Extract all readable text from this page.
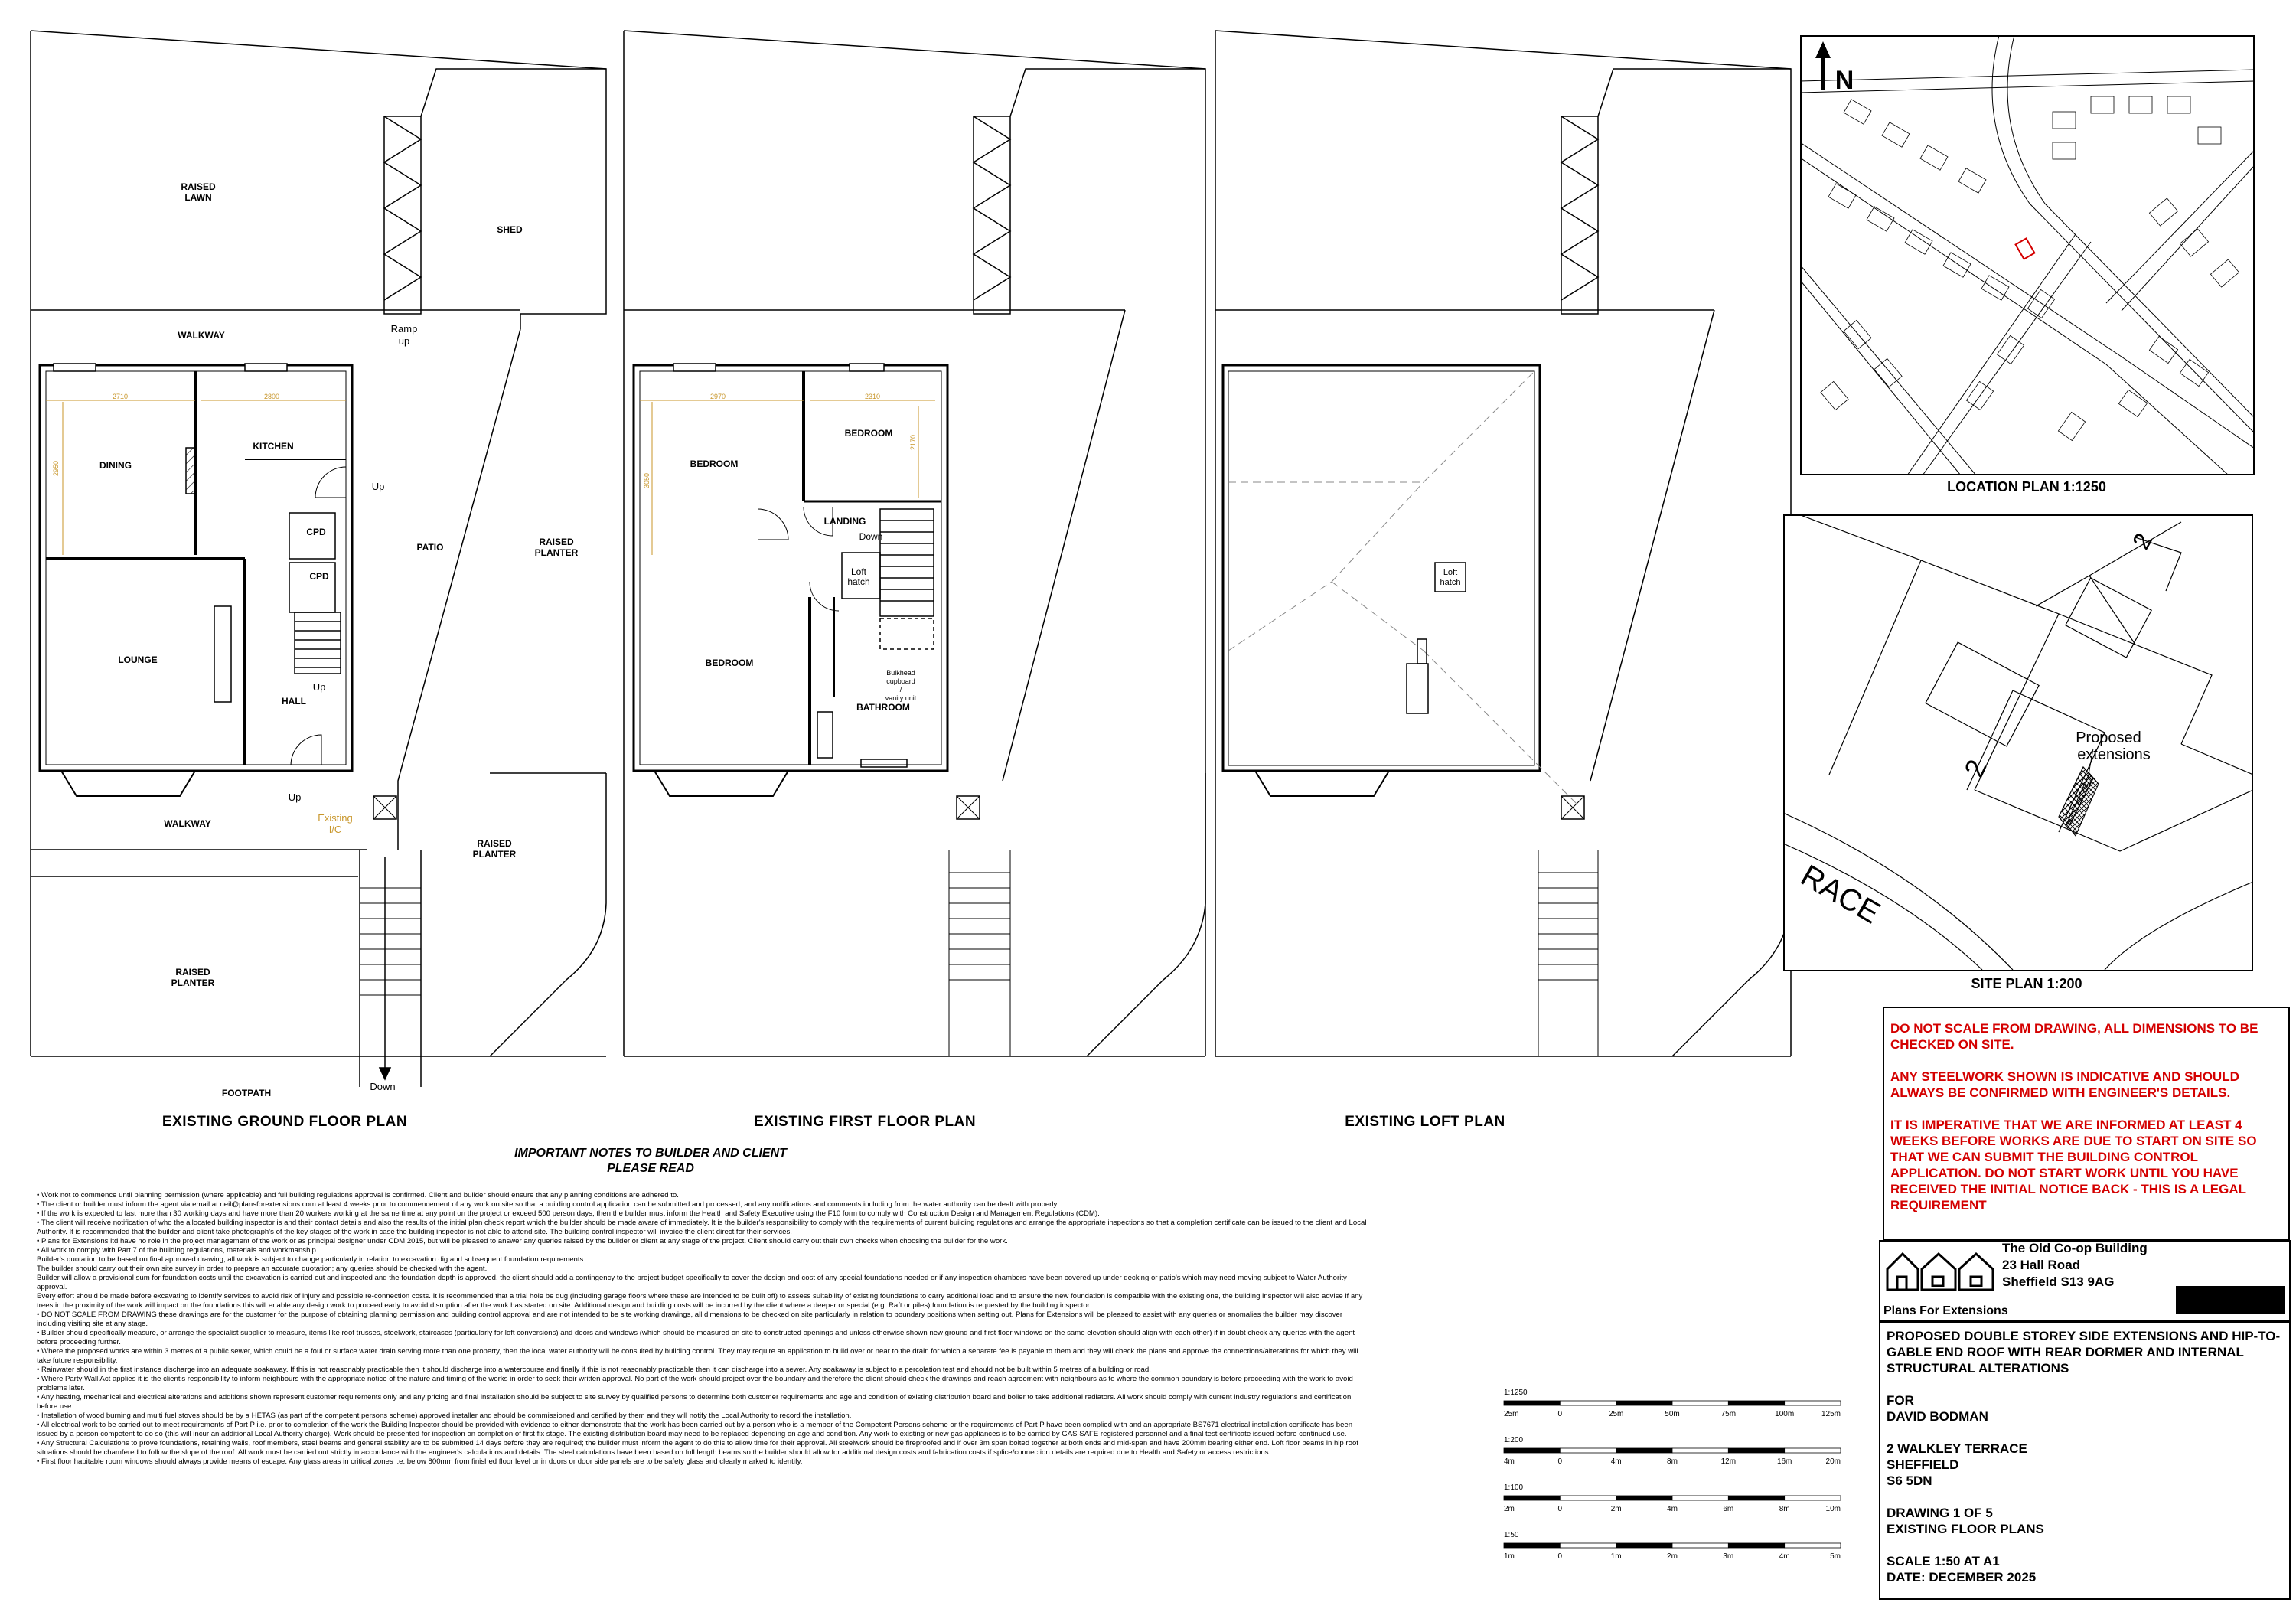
RAISED
LAWN
SHED
WALKWAY
DINING
KITCHEN
CPD
CPD
PATIO	RAISED
PLANTER
LOUNGE
HALL
WALKWAY
RAISED
PLANTER
RAISED
PLANTER
FOOTPATH
Ramp
up
Up
Up
Up
Existing
I/C
Down
2710	2800
2950	BEDROOM
BEDROOM
BEDROOM
LANDING
BATHROOM
Down
Loft
hatch
Bulkhead
cupboard
/
vanity unit
2970	2310
3050
2170
Loft
hatch
EXISTING GROUND FLOOR PLAN	EXISTING FIRST FLOOR PLAN	EXISTING LOFT PLAN
N
LOCATION PLAN 1:1250
Proposed
extensions
2
2
RACE
SITE PLAN 1:200
IMPORTANT NOTES TO BUILDER AND CLIENT
PLEASE READ

• Work not to commence until planning permission (where applicable) and full building regulations approval is confirmed. Client and builder should ensure that any planning conditions are adhered to.

• The client or builder must inform the agent via email at neil@plansforextensions.com at least 4 weeks prior to commencement of any work on site so that a building control application can be submitted and processed, and any notifications and comments including from the water authority can be dealt with properly.

• If the work is expected to last more than 30 working days and have more than 20 workers working at the same time at any point on the project or exceed 500 person days, then the builder must inform the Health and Safety Executive using the F10 form to comply with Construction Design and Management Regulations (CDM).

• The client will receive notification of who the allocated building inspector is and their contact details and also the results of the initial plan check report which the builder should be made aware of immediately. It is the builder's responsibility to comply with the requirements of current building regulations and arrange the appropriate inspections so that a completion certificate can be issued to the client and Local Authority. It is recommended that the builder and client take photograph's of the key stages of the work in case the building inspector is not able to attend site. The building control inspector will invoice the client direct for their services.

• Plans for Extensions ltd have no role in the project management of the work or as principal designer under CDM 2015, but will be pleased to answer any queries raised by the builder or client at any stage of the project. Client should carry out their own checks when choosing the builder for the work.

• All work to comply with Part 7 of the building regulations, materials and workmanship.

Builder's quotation to be based on final approved drawing, all work is subject to change particularly in relation to excavation dig and subsequent foundation requirements.

The builder should carry out their own site survey in order to prepare an accurate quotation; any queries should be checked with the agent.

Builder will allow a provisional sum for foundation costs until the excavation is carried out and inspected and the foundation depth is approved, the client should add a contingency to the project budget specifically to cover the design and cost of any special foundations needed or if any inspection chambers have been covered up under decking or patio's which may need moving subject to Water Authority approval.

Every effort should be made before excavating to identify services to avoid risk of injury and possible re-connection costs. It is recommended that a trial hole be dug (including garage floors where these are intended to be built off) to assess suitability of existing foundations to carry additional load and to ensure the new foundation is compatible with the existing one, the building inspector will also advise if any trees in the proximity of the work will impact on the foundations this will enable any design work to proceed early to avoid disruption after the work has started on site. Additional design and building costs will be incurred by the client where a deeper or special (e.g. Raft or piles) foundation is requested by the building inspector.

• DO NOT SCALE FROM DRAWING these drawings are for the customer for the purpose of obtaining planning permission and building control approval and are not intended to be site working drawings, all dimensions to be checked on site particularly in relation to boundary positions when setting out. Plans for Extensions will be pleased to assist with any queries or anomalies the builder may discover including visiting site at any stage.

• Builder should specifically measure, or arrange the specialist supplier to measure, items like roof trusses, steelwork, staircases (particularly for loft conversions) and doors and windows (which should be measured on site to constructed openings and unless otherwise shown new ground and first floor windows on the same elevation should align with each other) if in doubt check any queries with the agent before proceeding further.

• Where the proposed works are within 3 metres of a public sewer, which could be a foul or surface water drain serving more than one property, then the local water authority will be consulted by building control. They may require an application to build over or near to the drain for which a separate fee is payable to them and they will check the plans and approve the connections/alterations for which they will take future responsibility.

• Rainwater should in the first instance discharge into an adequate soakaway. If this is not reasonably practicable then it should discharge into a watercourse and finally if this is not reasonably practicable then it can discharge into a sewer. Any soakaway is subject to a percolation test and should not be built within 5 metres of a building or road.

• Where Party Wall Act applies it is the client's responsibility to inform neighbours with the appropriate notice of the nature and timing of the works in order to seek their written approval. No part of the work should project over the boundary and therefore the client should check the drawings and reach agreement with neighbours as to where the common boundary is before proceeding with the work to avoid problems later.

• Any heating, mechanical and electrical alterations and additions shown represent customer requirements only and any pricing and final installation should be subject to site survey by qualified persons to determine both customer requirements and age and condition of existing distribution board and boiler to take additional radiators. All work should comply with current industry regulations and certification before use.

• Installation of wood burning and multi fuel stoves should be by a HETAS (as part of the competent persons scheme) approved installer and should be commissioned and certified by them and they will notify the Local Authority to record the installation.

• All electrical work to be carried out to meet requirements of Part P i.e. prior to completion of the work the Building Inspector should be provided with evidence to either demonstrate that the work has been carried out by a person who is a member of the Competent Persons scheme or the requirements of Part P have been complied with and an appropriate BS7671 electrical installation certificate has been issued by a person competent to do so (this will incur an additional Local Authority charge). Work should be presented for inspection on completion of first fix stage. The existing distribution board may need to be replaced depending on age and condition. Any work to existing or new gas appliances is to be carried by GAS SAFE registered personnel and a final test certificate issued before continued use.

• Any Structural Calculations to prove foundations, retaining walls, roof members, steel beams and general stability are to be submitted 14 days before they are required; the builder must inform the agent to do this to allow time for their approval. All steelwork should be fireproofed and if over 3m span bolted together at both ends and mid-span and have 200mm bearing either end. Loft floor beams in hip roof situations should be chamfered to follow the slope of the roof. All work must be carried out strictly in accordance with the engineer's calculations and details. The steel calculations have been based on full length beams so the builder should allow for additional design costs and fabrication costs if splice/connection details are required due to Health and Safety or access restrictions.

• First floor habitable room windows should always provide means of escape. Any glass areas in critical zones i.e. below 800mm from finished floor level or in doors or door side panels are to be safety glass and clearly marked to identify.

1:1250
25m	0	25m	50m	75m	100m	125m
1:200
4m	0	4m	8m	12m	16m	20m
1:100
2m	0	2m	4m	6m	8m	10m
1:50
1m	0	1m	2m	3m	4m	5m

DO NOT SCALE FROM DRAWING, ALL DIMENSIONS TO BE CHECKED ON SITE.

ANY STEELWORK SHOWN IS INDICATIVE AND SHOULD ALWAYS BE CONFIRMED WITH ENGINEER'S DETAILS.

IT IS IMPERATIVE THAT WE ARE INFORMED AT LEAST 4 WEEKS BEFORE WORKS ARE DUE TO START ON SITE SO THAT WE CAN SUBMIT THE BUILDING CONTROL APPLICATION. DO NOT START WORK UNTIL YOU HAVE RECEIVED THE INITIAL NOTICE BACK - THIS IS A LEGAL REQUIREMENT

Plans For Extensions
The Old Co-op Building
23 Hall Road
Sheffield S13 9AG

PROPOSED DOUBLE STOREY SIDE EXTENSIONS AND HIP-TO-GABLE END ROOF WITH REAR DORMER AND INTERNAL STRUCTURAL ALTERATIONS

FOR

DAVID BODMAN

2 WALKLEY TERRACE

SHEFFIELD

S6 5DN

DRAWING 1 OF 5

EXISTING FLOOR PLANS

SCALE 1:50 AT A1

DATE: DECEMBER 2025
